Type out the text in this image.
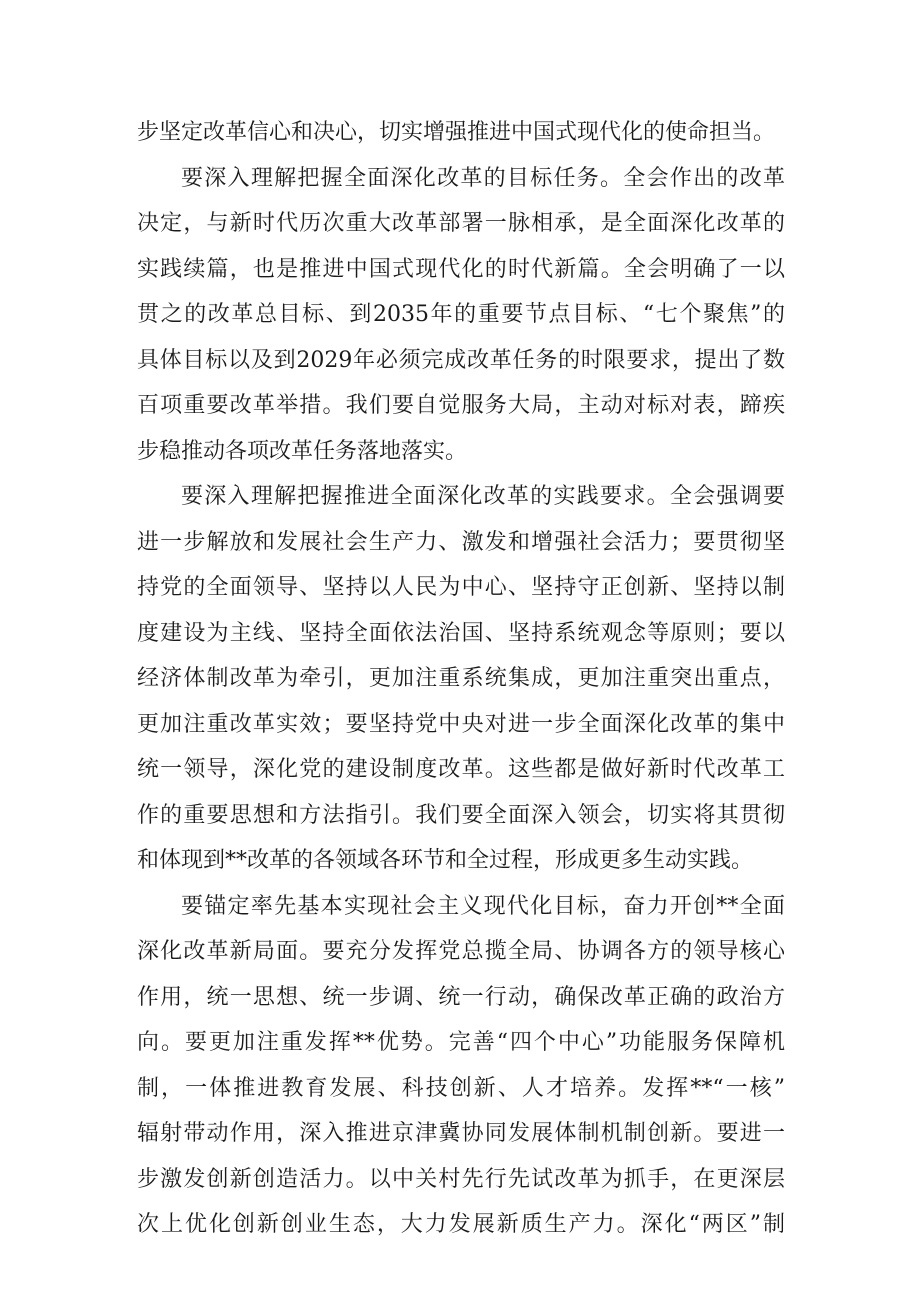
步坚定改革信心和决心，切实增强推进中国式现代化的使命担当。
要深入理解把握全面深化改革的目标任务。全会作出的改革
决定，与新时代历次重大改革部署一脉相承，是全面深化改革的
实践续篇，也是推进中国式现代化的时代新篇。全会明确了一以
贯之的改革总目标、到2035年的重要节点目标、“七个聚焦”的
具体目标以及到2029年必须完成改革任务的时限要求，提出了数
百项重要改革举措。我们要自觉服务大局，主动对标对表，蹄疾
步稳推动各项改革任务落地落实。
要深入理解把握推进全面深化改革的实践要求。全会强调要
进一步解放和发展社会生产力、激发和增强社会活力；要贯彻坚
持党的全面领导、坚持以人民为中心、坚持守正创新、坚持以制
度建设为主线、坚持全面依法治国、坚持系统观念等原则；要以
经济体制改革为牵引，更加注重系统集成，更加注重突出重点，
更加注重改革实效；要坚持党中央对进一步全面深化改革的集中
统一领导，深化党的建设制度改革。这些都是做好新时代改革工
作的重要思想和方法指引。我们要全面深入领会，切实将其贯彻
和体现到**改革的各领域各环节和全过程，形成更多生动实践。
要锚定率先基本实现社会主义现代化目标，奋力开创**全面
深化改革新局面。要充分发挥党总揽全局、协调各方的领导核心
作用，统一思想、统一步调、统一行动，确保改革正确的政治方
向。要更加注重发挥**优势。完善“四个中心”功能服务保障机
制，一体推进教育发展、科技创新、人才培养。发挥**“一核”
辐射带动作用，深入推进京津冀协同发展体制机制创新。要进一
步激发创新创造活力。以中关村先行先试改革为抓手，在更深层
次上优化创新创业生态，大力发展新质生产力。深化“两区”制
